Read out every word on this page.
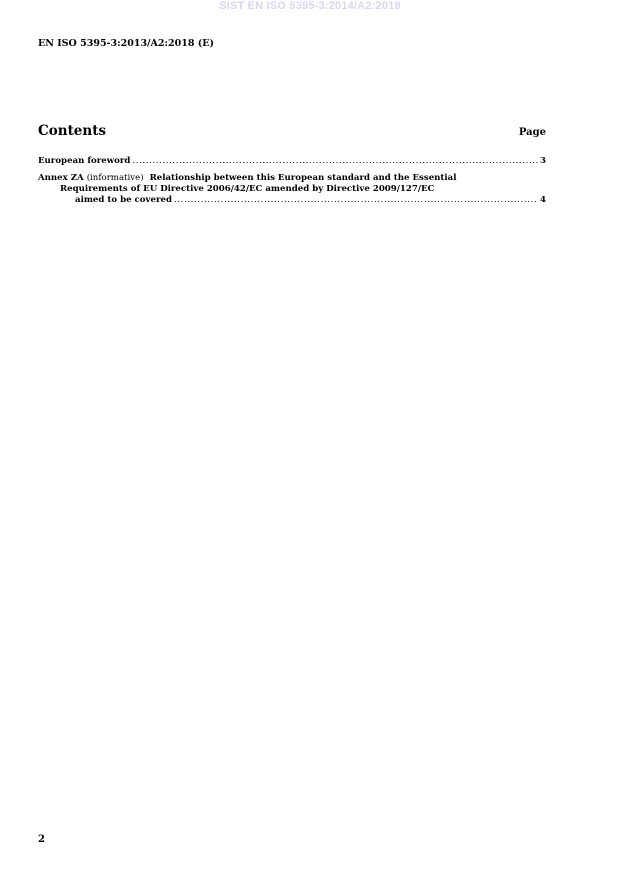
SIST EN ISO 5395-3:2014/A2:2018
EN ISO 5395-3:2013/A2:2018 (E)
Contents	Page
European foreword .....	3
Annex ZA (informative) Relationship between this European standard and the Essential
Requirements of EU Directive 2006/42/EC amended by Directive 2009/127/EC
aimed to be covered .....	4
2
